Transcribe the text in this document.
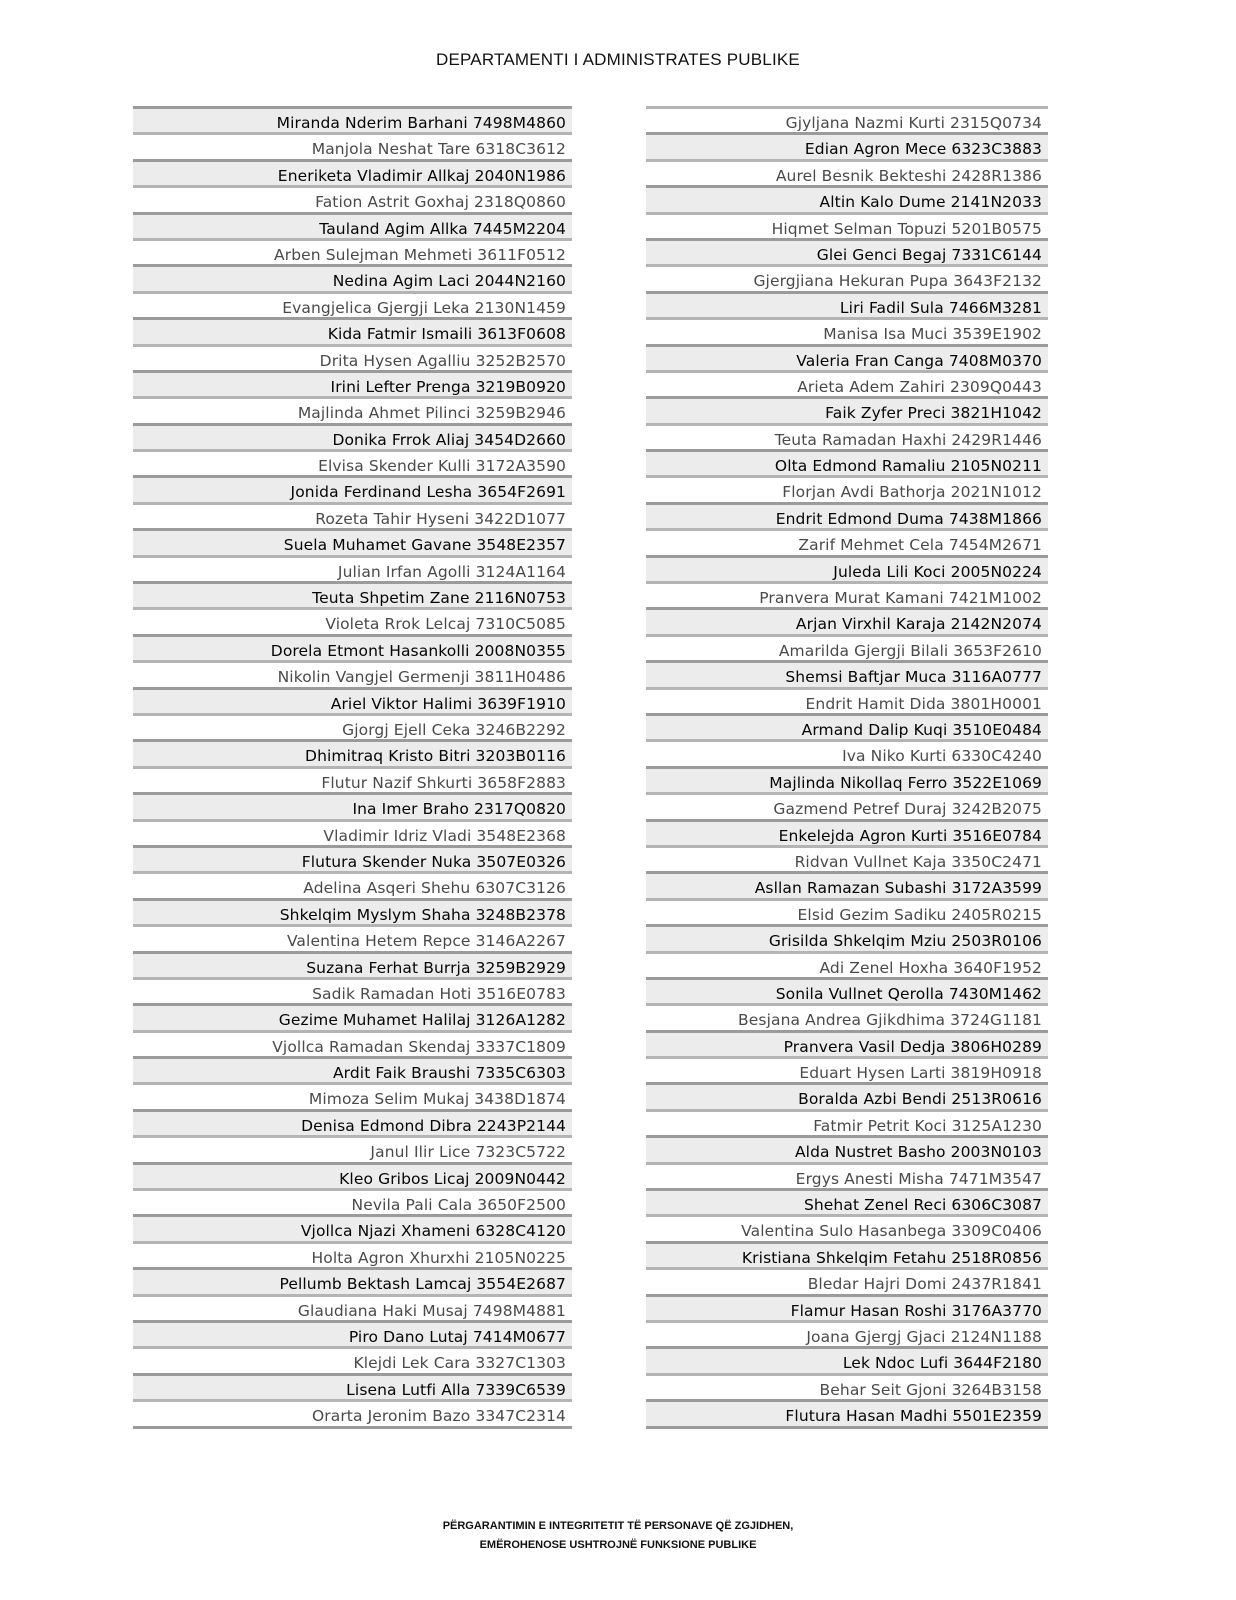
DEPARTAMENTI I ADMINISTRATES PUBLIKE
Miranda Nderim Barhani 7498M4860
Manjola Neshat Tare 6318C3612
Eneriketa Vladimir Allkaj 2040N1986
Fation Astrit Goxhaj 2318Q0860
Tauland Agim Allka 7445M2204
Arben Sulejman Mehmeti 3611F0512
Nedina Agim Laci 2044N2160
Evangjelica Gjergji Leka 2130N1459
Kida Fatmir Ismaili 3613F0608
Drita Hysen Agalliu 3252B2570
Irini Lefter Prenga 3219B0920
Majlinda Ahmet Pilinci 3259B2946
Donika Frrok Aliaj 3454D2660
Elvisa Skender Kulli 3172A3590
Jonida Ferdinand Lesha 3654F2691
Rozeta Tahir Hyseni 3422D1077
Suela Muhamet Gavane 3548E2357
Julian Irfan Agolli 3124A1164
Teuta Shpetim Zane 2116N0753
Violeta Rrok Lelcaj 7310C5085
Dorela Etmont Hasankolli 2008N0355
Nikolin Vangjel Germenji 3811H0486
Ariel Viktor Halimi 3639F1910
Gjorgj Ejell Ceka 3246B2292
Dhimitraq Kristo Bitri 3203B0116
Flutur Nazif Shkurti 3658F2883
Ina Imer Braho 2317Q0820
Vladimir Idriz Vladi 3548E2368
Flutura Skender Nuka 3507E0326
Adelina Asqeri Shehu 6307C3126
Shkelqim Myslym Shaha 3248B2378
Valentina Hetem Repce 3146A2267
Suzana Ferhat Burrja 3259B2929
Sadik Ramadan Hoti 3516E0783
Gezime Muhamet Halilaj 3126A1282
Vjollca Ramadan Skendaj 3337C1809
Ardit Faik Braushi 7335C6303
Mimoza Selim Mukaj 3438D1874
Denisa Edmond Dibra 2243P2144
Janul Ilir Lice 7323C5722
Kleo Gribos Licaj 2009N0442
Nevila Pali Cala 3650F2500
Vjollca Njazi Xhameni 6328C4120
Holta Agron Xhurxhi 2105N0225
Pellumb Bektash Lamcaj 3554E2687
Glaudiana Haki Musaj 7498M4881
Piro Dano Lutaj 7414M0677
Klejdi Lek Cara 3327C1303
Lisena Lutfi Alla 7339C6539
Orarta Jeronim Bazo 3347C2314
Gjyljana Nazmi Kurti 2315Q0734
Edian Agron Mece 6323C3883
Aurel Besnik Bekteshi 2428R1386
Altin Kalo Dume 2141N2033
Hiqmet Selman Topuzi 5201B0575
Glei Genci Begaj 7331C6144
Gjergjiana Hekuran Pupa 3643F2132
Liri Fadil Sula 7466M3281
Manisa Isa Muci 3539E1902
Valeria Fran Canga 7408M0370
Arieta Adem Zahiri 2309Q0443
Faik Zyfer Preci 3821H1042
Teuta Ramadan Haxhi 2429R1446
Olta Edmond Ramaliu 2105N0211
Florjan Avdi Bathorja 2021N1012
Endrit Edmond Duma 7438M1866
Zarif Mehmet Cela 7454M2671
Juleda Lili Koci 2005N0224
Pranvera Murat Kamani 7421M1002
Arjan Virxhil Karaja 2142N2074
Amarilda Gjergji Bilali 3653F2610
Shemsi Baftjar Muca 3116A0777
Endrit Hamit Dida 3801H0001
Armand Dalip Kuqi 3510E0484
Iva Niko Kurti 6330C4240
Majlinda Nikollaq Ferro 3522E1069
Gazmend Petref Duraj 3242B2075
Enkelejda Agron Kurti 3516E0784
Ridvan Vullnet Kaja 3350C2471
Asllan Ramazan Subashi 3172A3599
Elsid Gezim Sadiku 2405R0215
Grisilda Shkelqim Mziu 2503R0106
Adi Zenel Hoxha 3640F1952
Sonila Vullnet Qerolla 7430M1462
Besjana Andrea Gjikdhima 3724G1181
Pranvera Vasil Dedja 3806H0289
Eduart Hysen Larti 3819H0918
Boralda Azbi Bendi 2513R0616
Fatmir Petrit Koci 3125A1230
Alda Nustret Basho 2003N0103
Ergys Anesti Misha 7471M3547
Shehat Zenel Reci 6306C3087
Valentina Sulo Hasanbega 3309C0406
Kristiana Shkelqim Fetahu 2518R0856
Bledar Hajri Domi 2437R1841
Flamur Hasan Roshi 3176A3770
Joana Gjergj Gjaci 2124N1188
Lek Ndoc Lufi 3644F2180
Behar Seit Gjoni 3264B3158
Flutura Hasan Madhi 5501E2359
PËRGARANTIMIN E INTEGRITETIT TË PERSONAVE QË ZGJIDHEN,
EMËROHENOSE USHTROJNË FUNKSIONE PUBLIKE
